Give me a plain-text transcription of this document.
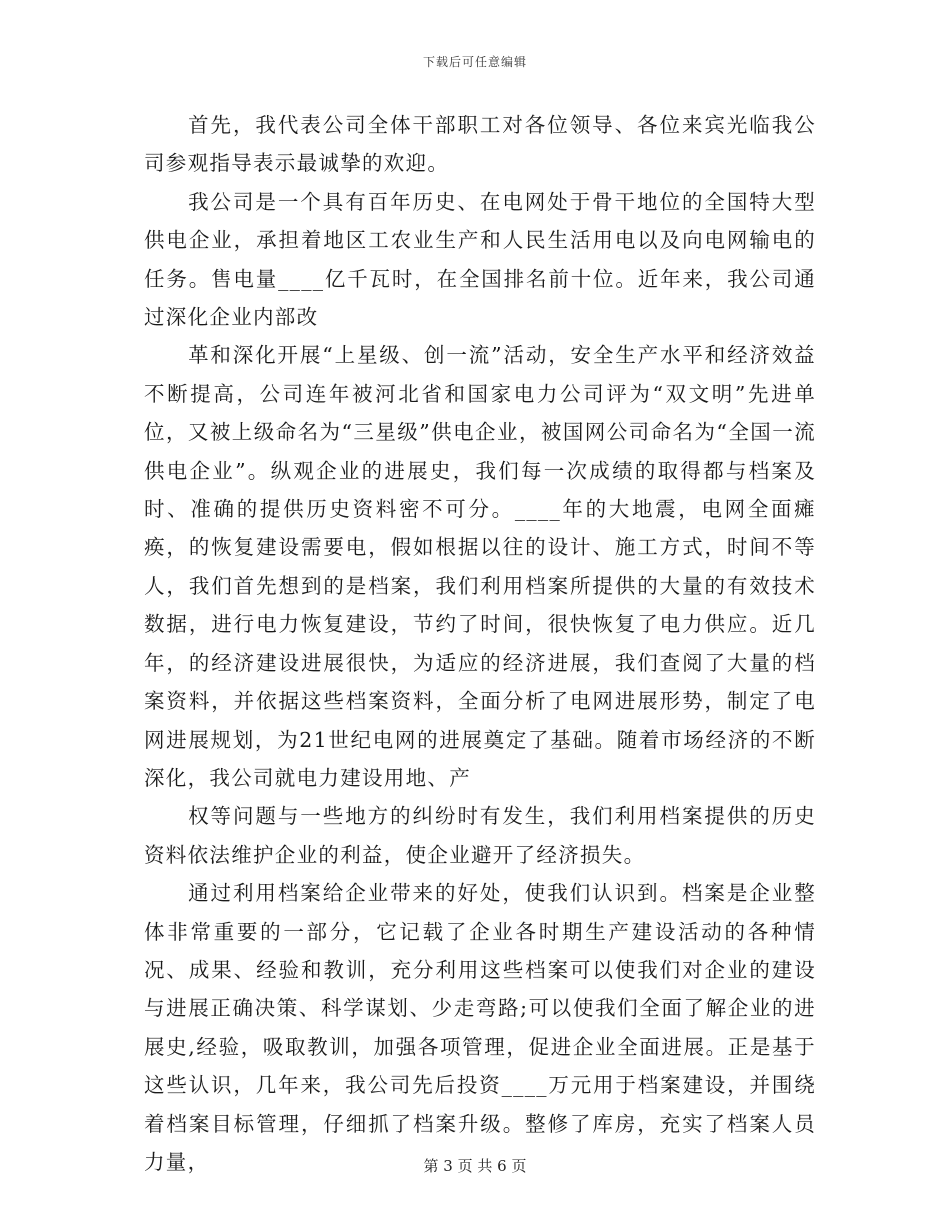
下载后可任意编辑

首先，我代表公司全体干部职工对各位领导、各位来宾光临我公司参观指导表示最诚挚的欢迎。

我公司是一个具有百年历史、在电网处于骨干地位的全国特大型供电企业，承担着地区工农业生产和人民生活用电以及向电网输电的任务。售电量____亿千瓦时，在全国排名前十位。近年来，我公司通过深化企业内部改

革和深化开展“上星级、创一流”活动，安全生产水平和经济效益不断提高，公司连年被河北省和国家电力公司评为“双文明”先进单位，又被上级命名为“三星级”供电企业，被国网公司命名为“全国一流供电企业”。纵观企业的进展史，我们每一次成绩的取得都与档案及时、准确的提供历史资料密不可分。____年的大地震，电网全面瘫痪，的恢复建设需要电，假如根据以往的设计、施工方式，时间不等人，我们首先想到的是档案，我们利用档案所提供的大量的有效技术数据，进行电力恢复建设，节约了时间，很快恢复了电力供应。近几年，的经济建设进展很快，为适应的经济进展，我们查阅了大量的档案资料，并依据这些档案资料，全面分析了电网进展形势，制定了电网进展规划，为21世纪电网的进展奠定了基础。随着市场经济的不断深化，我公司就电力建设用地、产

权等问题与一些地方的纠纷时有发生，我们利用档案提供的历史资料依法维护企业的利益，使企业避开了经济损失。

通过利用档案给企业带来的好处，使我们认识到。档案是企业整体非常重要的一部分，它记载了企业各时期生产建设活动的各种情况、成果、经验和教训，充分利用这些档案可以使我们对企业的建设与进展正确决策、科学谋划、少走弯路;可以使我们全面了解企业的进展史,经验，吸取教训，加强各项管理，促进企业全面进展。正是基于这些认识，几年来，我公司先后投资____万元用于档案建设，并围绕着档案目标管理，仔细抓了档案升级。整修了库房，充实了档案人员力量，	第 3 页 共 6 页
